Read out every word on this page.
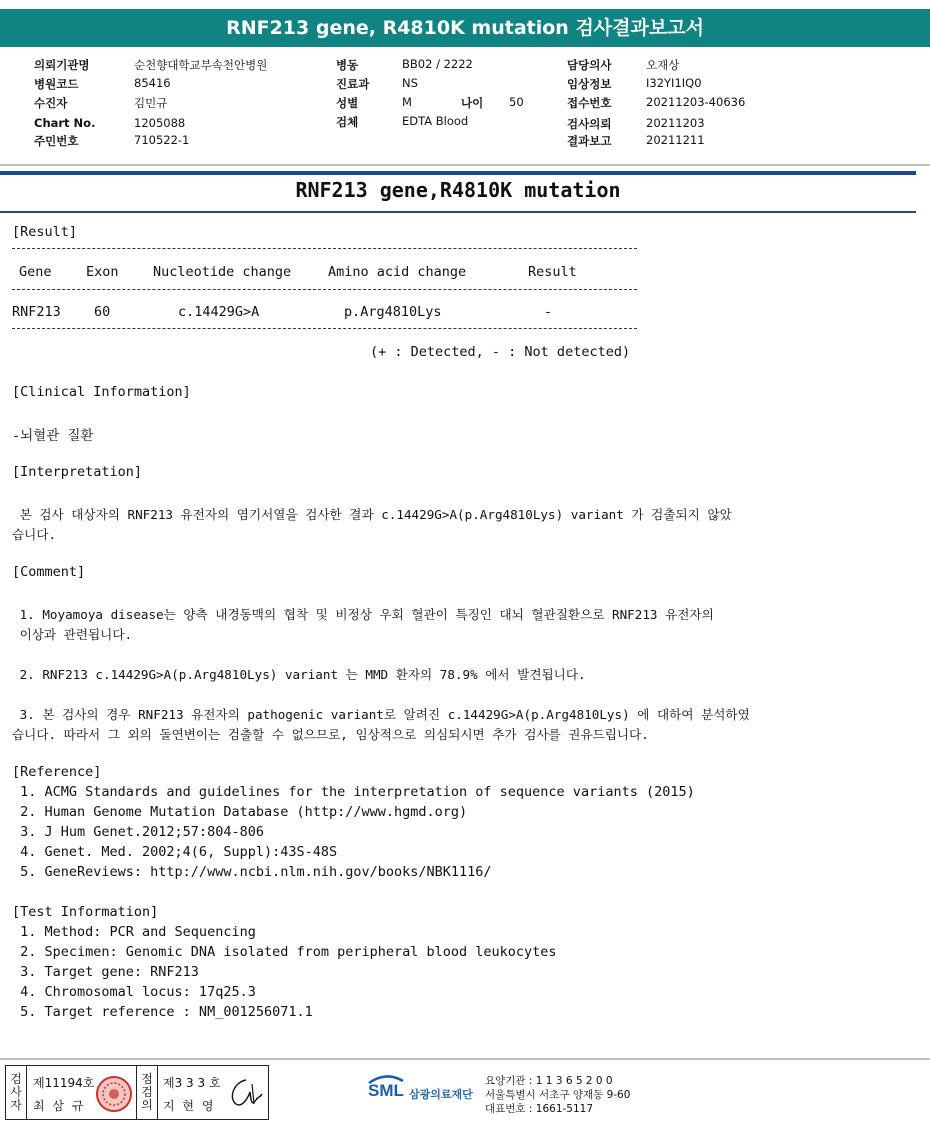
RNF213 gene, R4810K mutation 검사결과보고서
의뢰기관명	순천향대학교부속천안병원
병원코드	85416
수진자	김민규
Chart No.	1205088
주민번호	710522-1
병동	BB02 / 2222
진료과	NS
성별	M	나이 50
검체	EDTA Blood
담당의사	오재상
임상정보	I32YI1IQ0
접수번호	20211203-40636
검사의뢰	20211203
결과보고	20211211
RNF213 gene,R4810K mutation
[Result]
Gene	Exon	Nucleotide change	Amino acid change	Result
RNF213 60	c.14429G>A	p.Arg4810Lys	-
(+ : Detected, - : Not detected)
[Clinical Information]
-뇌혈관 질환
[Interpretation]
본 검사 대상자의 RNF213 유전자의 염기서열을 검사한 결과 c.14429G>A(p.Arg4810Lys) variant 가 검출되지 않았
습니다.
[Comment]
1. Moyamoya disease는 양측 내경동맥의 협착 및 비정상 우회 혈관이 특징인 대뇌 혈관질환으로 RNF213 유전자의
이상과 관련됩니다.
2. RNF213 c.14429G>A(p.Arg4810Lys) variant 는 MMD 환자의 78.9% 에서 발견됩니다.
3. 본 검사의 경우 RNF213 유전자의 pathogenic variant로 알려진 c.14429G>A(p.Arg4810Lys) 에 대하여 분석하였
습니다. 따라서 그 외의 돌연변이는 검출할 수 없으므로, 임상적으로 의심되시면 추가 검사를 권유드립니다.
[Reference]
1. ACMG Standards and guidelines for the interpretation of sequence variants (2015)
2. Human Genome Mutation Database (http://www.hgmd.org)
3. J Hum Genet.2012;57:804-806
4. Genet. Med. 2002;4(6, Suppl):43S-48S
5. GeneReviews: http://www.ncbi.nlm.nih.gov/books/NBK1116/
[Test Information]
1. Method: PCR and Sequencing
2. Specimen: Genomic DNA isolated from peripheral blood leukocytes
3. Target gene: RNF213
4. Chromosomal locus: 17q25.3
5. Target reference : NM_001256071.1
검
사
자
제11194호
최 삼 규
점
검
의
제3 3 3 호
지 현 영
SML 삼광의료재단
요양기관 : 1 1 3 6 5 2 0 0
서울특별시 서초구 양재동 9-60
대표번호 : 1661-5117
